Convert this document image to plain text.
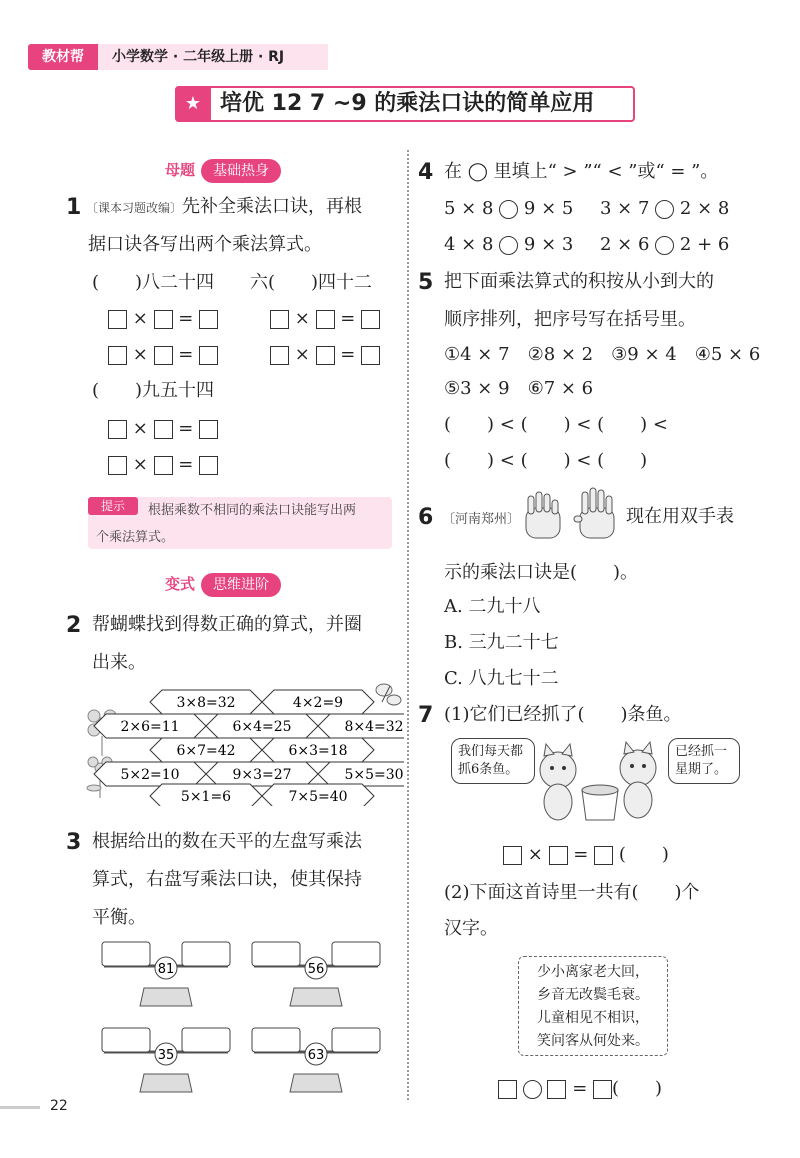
教材帮	小学数学 · 二年级上册 · RJ
★ 培优 12 7 ~9 的乘法口诀的简单应用
母题 基础热身
1 〔课本习题改编〕先补全乘法口诀，再根
据口诀各写出两个乘法算式。
(　　)八二十四 六(　　)四十二
× =	× =
× =	× =
(　　)九五十四
× =
× =
提示	根据乘数不相同的乘法口诀能写出两
个乘法算式。
变式 思维进阶
2 帮蝴蝶找到得数正确的算式，并圈
出来。
3×8=32	4×2=9
2×6=11	6×4=25	8×4=32
6×7=42	6×3=18
5×2=10	9×3=27	5×5=30
5×1=6	7×5=40
3 根据给出的数在天平的左盘写乘法
算式，右盘写乘法口诀，使其保持
平衡。
81	56
35	63
4 在 ◯ 里填上“ > ”“ < ”或“ = ”。
5 × 8 9 × 5 3 × 7 2 × 8
4 × 8 9 × 3 2 × 6 2 + 6
5 把下面乘法算式的积按从小到大的
顺序排列，把序号写在括号里。
①4 × 7　②8 × 2　③9 × 4　④5 × 6
⑤3 × 9　⑥7 × 6
(　　) < (　　) < (　　) <
(　　) < (　　) < (　　)
6 〔河南郑州〕	现在用双手表
示的乘法口诀是(　　)。
A. 二九十八
B. 三九二十七
C. 八九七十二
7 (1)它们已经抓了(　　)条鱼。
我们每天都抓6条鱼。
已经抓一星期了。
× = (　　)
(2)下面这首诗里一共有(　　)个
汉字。
少小离家老大回，
乡音无改鬓毛衰。
儿童相见不相识，
笑问客从何处来。
= (　　)
22
